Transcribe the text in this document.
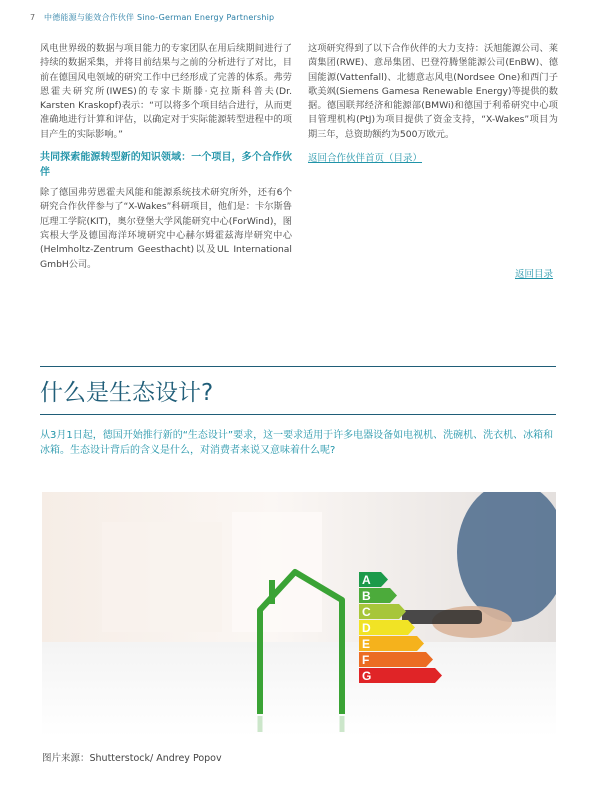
7 中德能源与能效合作伙伴 Sino-German Energy Partnership

风电世界级的数据与项目能力的专家团队在用后续期间进行了持续的数据采集，并将目前结果与之前的分析进行了对比，目前在德国风电领域的研究工作中已经形成了完善的体系。弗劳恩霍夫研究所(IWES)的专家卡斯滕·克拉斯科普夫(Dr. Karsten Kraskopf)表示：“可以将多个项目结合进行，从而更准确地进行计算和评估，以确定对于实际能源转型进程中的项目产生的实际影响。”

共同探索能源转型新的知识领域：一个项目，多个合作伙伴

除了德国弗劳恩霍夫风能和能源系统技术研究所外，还有6个研究合作伙伴参与了“X-Wakes”科研项目，他们是：卡尔斯鲁厄理工学院(KIT)，奥尔登堡大学风能研究中心(ForWind)，图宾根大学及德国海洋环境研究中心赫尔姆霍兹海岸研究中心(Helmholtz-Zentrum Geesthacht)以及UL International GmbH公司。

这项研究得到了以下合作伙伴的大力支持：沃旭能源公司、莱茵集团(RWE)、意昂集团、巴登符腾堡能源公司(EnBW)、德国能源(Vattenfall)、北德意志风电(Nordsee One)和西门子歌美飒(Siemens Gamesa Renewable Energy)等提供的数据。德国联邦经济和能源部(BMWi)和德国于利希研究中心项目管理机构(PtJ)为项目提供了资金支持，“X-Wakes”项目为期三年，总资助额约为500万欧元。

返回合作伙伴首页（目录）
返回目录
什么是生态设计?
从3月1日起，德国开始推行新的“生态设计”要求，这一要求适用于许多电器设备如电视机、洗碗机、洗衣机、冰箱和冰箱。生态设计背后的含义是什么，对消费者来说又意味着什么呢?
A
B
C
D
E
F
G
图片来源：Shutterstock/ Andrey Popov
